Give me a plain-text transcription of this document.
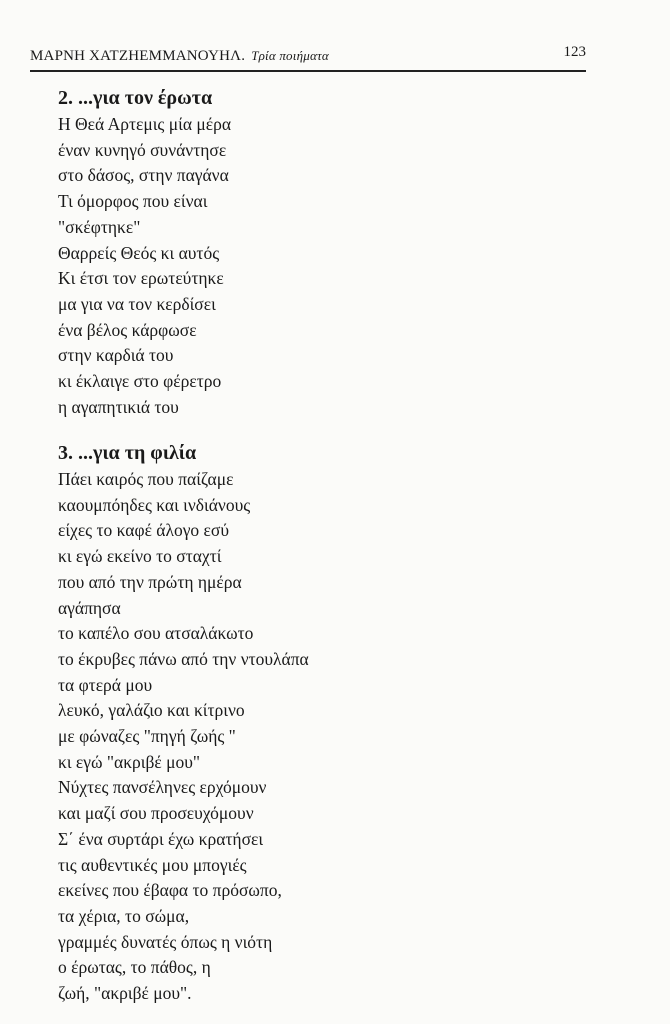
ΜΑΡΝΗ ΧΑΤΖΗΕΜΜΑΝΟΥΗΛ. Τρία ποιήματα	123
2. ...για τον έρωτα
Η Θεά Αρτεμις μία μέρα
έναν κυνηγό συνάντησε
στο δάσος, στην παγάνα
Τι όμορφος που είναι
"σκέφτηκε"
Θαρρείς Θεός κι αυτός
Κι έτσι τον ερωτεύτηκε
μα για να τον κερδίσει
ένα βέλος κάρφωσε
στην καρδιά του
κι έκλαιγε στο φέρετρο
η αγαπητικιά του
3. ...για τη φιλία
Πάει καιρός που παίζαμε
καουμπόηδες και ινδιάνους
είχες το καφέ άλογο εσύ
κι εγώ εκείνο το σταχτί
που από την πρώτη ημέρα
αγάπησα
το καπέλο σου ατσαλάκωτο
το έκρυβες πάνω από την ντουλάπα
τα φτερά μου
λευκό, γαλάζιο και κίτρινο
με φώναζες "πηγή ζωής "
κι εγώ "ακριβέ μου"
Νύχτες πανσέληνες ερχόμουν
και μαζί σου προσευχόμουν
Σ΄ ένα συρτάρι έχω κρατήσει
τις αυθεντικές μου μπογιές
εκείνες που έβαφα το πρόσωπο,
τα χέρια, το σώμα,
γραμμές δυνατές όπως η νιότη
ο έρωτας, το πάθος, η
ζωή, "ακριβέ μου".
